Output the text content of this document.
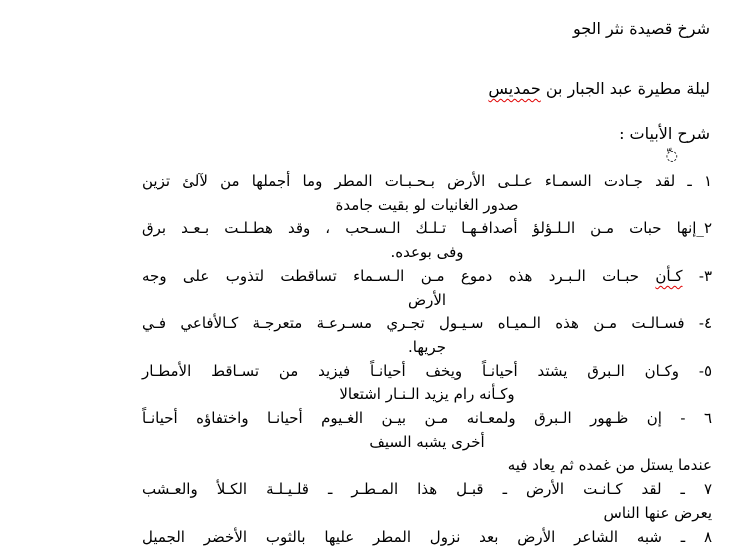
شرخ قصيدة نثر الجو
ليلة مطيرة عبد الجبار بن حمديس
شرح الأبيات :
◌ّ
١ ـ لقد جـادت السمـاء عـلـى الأرض بـحـبـات المطر وما أجملها من لآلئ تزين
صدور الغانيات لو بقيت جامدة
٢_إنها حبات مـن الـلـؤلؤ أصدافـهـا تـلـك الـسـحب ، وقد هطـلـت بـعـد برق
وفى بوعده.
٣- كـأن حبـات الـبـرد هذه دموع مـن الـسـماء تساقطت لتذوب على وجه
الأرض
٤- فسـالـت مـن هذه الـميـاه سـيـول تجـري مسـرعـة متعرجـة كـالأفاعي فـي
جريها.
٥- وكـان الـبرق يشتد أحيانـاً ويخف أحيانـاً فيزيد من تسـاقط الأمطـار
وكـأنه رام يزيد الـنـار اشتعالا
٦ - إن ظـهور الـبرق ولمعـانه مـن بيـن الغـيوم أحيانـا واختفاؤه أحيانـاً
أخرى يشبه السيف
عندما يستل من غمده ثم يعاد فيه
٧ ـ لقد كـانـت الأرض ـ قبـل هذا المـطـر ـ قلـيـلـة الكـلأ والعـشب
يعرض عنها الناس
٨ ـ شبه الشاعر الأرض بعد نزول المطر عليها بالثوب الأخضر الجميل
